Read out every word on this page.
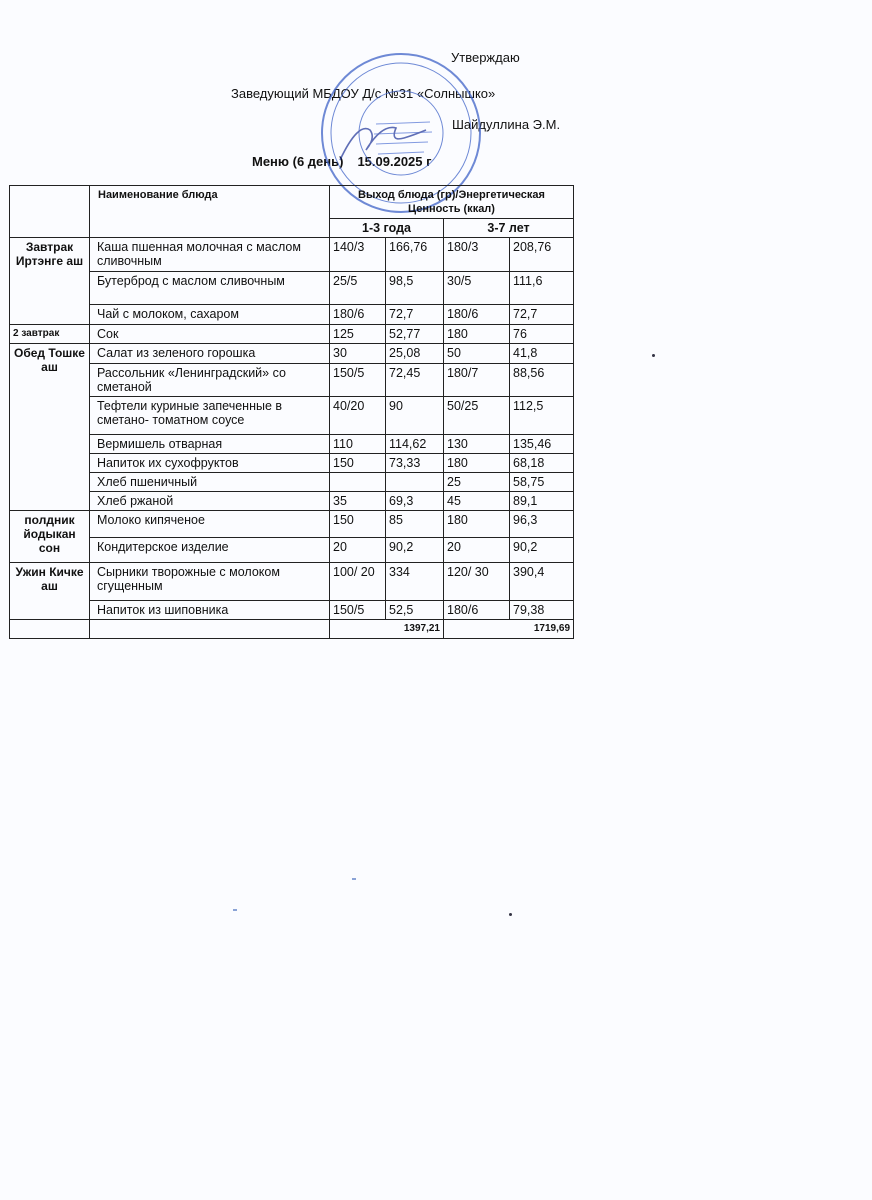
Утверждаю
Заведующий МБДОУ Д/с №31 «Солнышко»
Шайдуллина Э.М.
Меню (6 день) 15.09.2025 г
	Наименование блюда	Выход блюда (гр)/Энергетическая Ценность (ккал)			
		1-3 года		3-7 лет	

Завтрак Иртэнге аш	Каша пшенная молочная с маслом сливочным	140/3	166,76	180/3	208,76
	Бутерброд с маслом сливочным	25/5	98,5	30/5	111,6
	Чай с молоком, сахаром	180/6	72,7	180/6	72,7
2 завтрак	Сок	125	52,77	180	76
Обед Тошке аш	Салат из зеленого горошка	30	25,08	50	41,8
	Рассольник «Ленинградский» со сметаной	150/5	72,45	180/7	88,56
	Тефтели куриные запеченные в сметано- томатном соусе	40/20	90	50/25	112,5
	Вермишель отварная	110	114,62	130	135,46
	Напиток их сухофруктов	150	73,33	180	68,18
	Хлеб пшеничный			25	58,75
	Хлеб ржаной	35	69,3	45	89,1
полдник йодыкан сон	Молоко кипяченое	150	85	180	96,3
	Кондитерское изделие	20	90,2	20	90,2
Ужин Кичке аш	Сырники творожные с молоком сгущенным	100/ 20	334	120/ 30	390,4
	Напиток из шиповника	150/5	52,5	180/6	79,38
		1397,21		1719,69	
